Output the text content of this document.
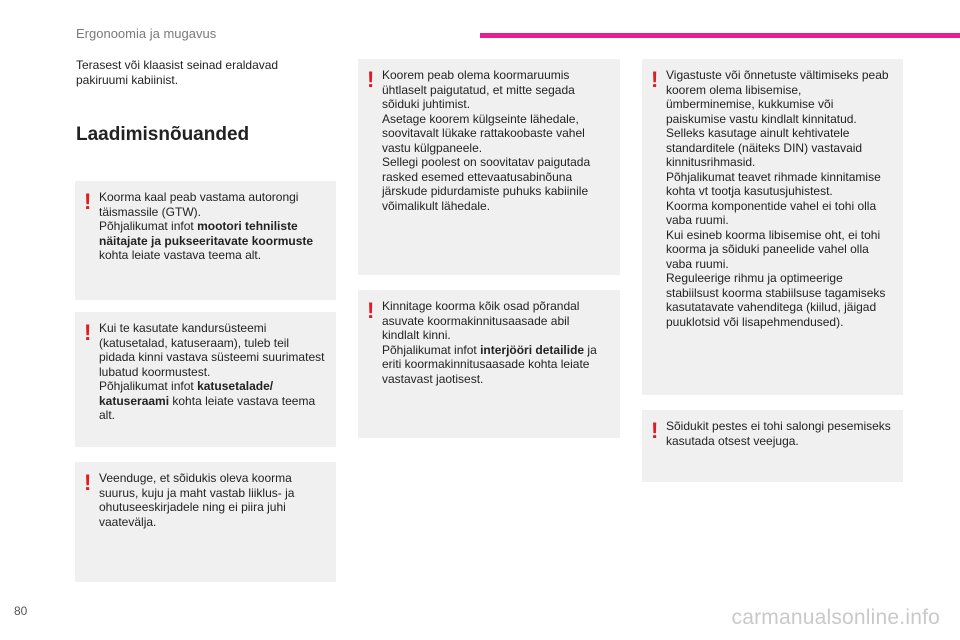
Ergonoomia ja mugavus
Terasest või klaasist seinad eraldavad pakiruumi kabiinist.
Laadimisnõuanded
! Koorma kaal peab vastama autorongi täismassile (GTW).
Põhjalikumat infot mootori tehniliste näitajate ja pukseeritavate koormuste kohta leiate vastava teema alt.
! Kui te kasutate kandursüsteemi (katusetalad, katuseraam), tuleb teil pidada kinni vastava süsteemi suurimatest lubatud koormustest.
Põhjalikumat infot katusetalade/ katuseraami kohta leiate vastava teema alt.
! Veenduge, et sõidukis oleva koorma suurus, kuju ja maht vastab liiklus- ja ohutuseeskirjadele ning ei piira juhi vaatevälja.
! Koorem peab olema koormaruumis ühtlaselt paigutatud, et mitte segada sõiduki juhtimist.
Asetage koorem külgseinte lähedale, soovitavalt lükake rattakoobaste vahel vastu külgpaneele.
Sellegi poolest on soovitatav paigutada rasked esemed ettevaatusabinõuna järskude pidurdamiste puhuks kabiinile võimalikult lähedale.
! Kinnitage koorma kõik osad põrandal asuvate koormakinnitusaasade abil kindlalt kinni.
Põhjalikumat infot interjööri detailide ja eriti koormakinnitusaasade kohta leiate vastavast jaotisest.
! Vigastuste või õnnetuste vältimiseks peab koorem olema libisemise, ümberminemise, kukkumise või paiskumise vastu kindlalt kinnitatud.
Selleks kasutage ainult kehtivatele standarditele (näiteks DIN) vastavaid kinnitusrihmasid.
Põhjalikumat teavet rihmade kinnitamise kohta vt tootja kasutusjuhistest.
Koorma komponentide vahel ei tohi olla vaba ruumi.
Kui esineb koorma libisemise oht, ei tohi koorma ja sõiduki paneelide vahel olla vaba ruumi.
Reguleerige rihmu ja optimeerige stabiilsust koorma stabiilsuse tagamiseks kasutatavate vahenditega (kiilud, jäigad puuklotsid või lisapehmendused).
! Sõidukit pestes ei tohi salongi pesemiseks kasutada otsest veejuga.
80	carmanualsonline.info
